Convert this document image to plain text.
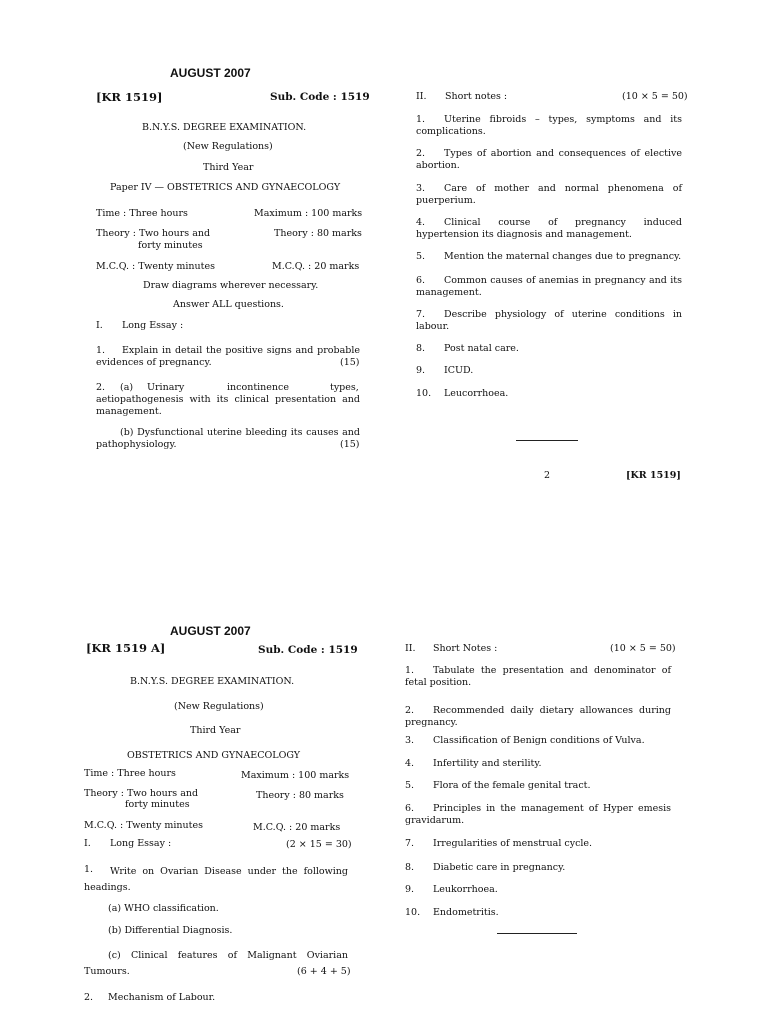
AUGUST 2007
[KR 1519]	Sub. Code : 1519
B.N.Y.S. DEGREE EXAMINATION.
(New Regulations)
Third Year
Paper IV — OBSTETRICS AND GYNAECOLOGY
Time : Three hours	Maximum : 100 marks
Theory : Two hours and
forty minutes
Theory : 80 marks
M.C.Q. : Twenty minutes	M.C.Q. : 20 marks
Draw diagrams wherever necessary.
Answer ALL questions.
I. Long Essay :
1.	Explain in detail the positive signs and probable evidences of pregnancy.	(15)
2. (a) Urinary	incontinence	types,
aetiopathogenesis with its clinical presentation and management.
(b) Dysfunctional uterine bleeding its causes and pathophysiology.	(15)
II. Short notes :	(10 × 5 = 50)
1.	Uterine fibroids – types, symptoms and its complications.
2.	Types of abortion and consequences of elective abortion.
3.	Care of mother and normal phenomena of puerperium.
4.	Clinical course of pregnancy induced hypertension its diagnosis and management.
5.	Mention the maternal changes due to pregnancy.
6.	Common causes of anemias in pregnancy and its management.
7.	Describe physiology of uterine conditions in labour.
8.	Post natal care.
9.	ICUD.
10.	Leucorrhoea.
2	[KR 1519]
AUGUST 2007
[KR 1519 A]	Sub. Code : 1519
B.N.Y.S. DEGREE EXAMINATION.
(New Regulations)
Third Year
OBSTETRICS AND GYNAECOLOGY
Time : Three hours	Maximum : 100 marks
Theory : Two hours and
forty minutes
Theory : 80 marks
M.C.Q. : Twenty minutes	M.C.Q. : 20 marks
I. Long Essay :	(2 × 15 = 30)
1.	Write on Ovarian Disease under the following headings.
(a) WHO classification.
(b) Differential Diagnosis.
(c) Clinical features of Malignant Oviarian Tumours.	(6 + 4 + 5)
2. Mechanism of Labour.
II. Short Notes :	(10 × 5 = 50)
1.	Tabulate the presentation and denominator of fetal position.
2.	Recommended daily dietary allowances during pregnancy.
3.	Classification of Benign conditions of Vulva.
4.	Infertility and sterility.
5.	Flora of the female genital tract.
6.	Principles in the management of Hyper emesis gravidarum.
7.	Irregularities of menstrual cycle.
8.	Diabetic care in pregnancy.
9.	Leukorrhoea.
10.	Endometritis.
